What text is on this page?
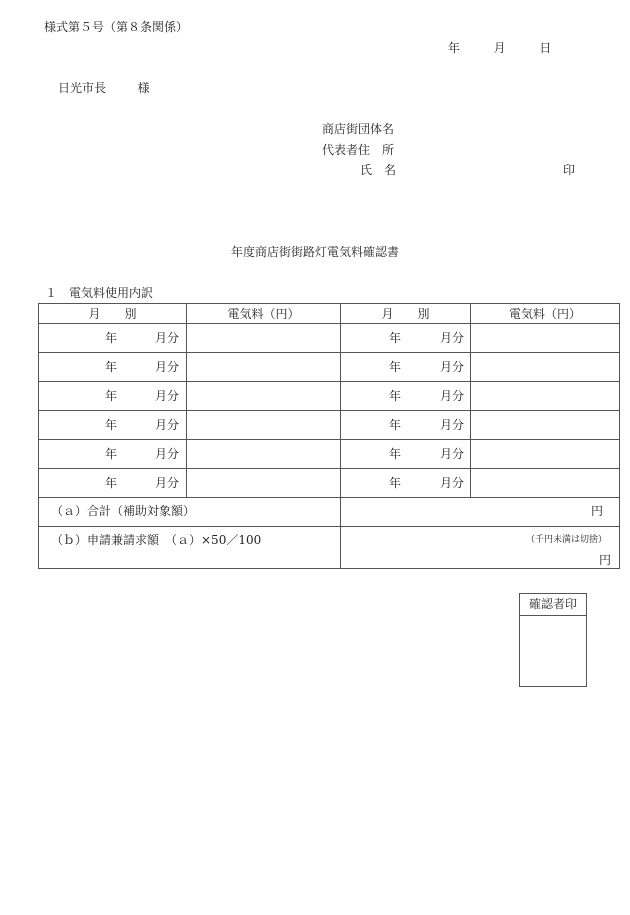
様式第５号（第８条関係）
年	月	日
日光市長	様
商店街団体名
代表者住　所
氏　名	印
年度商店街街路灯電気料確認書
１　電気料使用内訳
月　　別	電気料（円）	月　　別	電気料（円）

年 月分		年 月分	

年 月分		年 月分	

年 月分		年 月分	

年 月分		年 月分	

年 月分		年 月分	

年 月分		年 月分	

（ａ）合計（補助対象額）		円	

（ｂ）申請兼請求額　（ａ）×50／100		（千円未満は切捨）
円	
確認者印
